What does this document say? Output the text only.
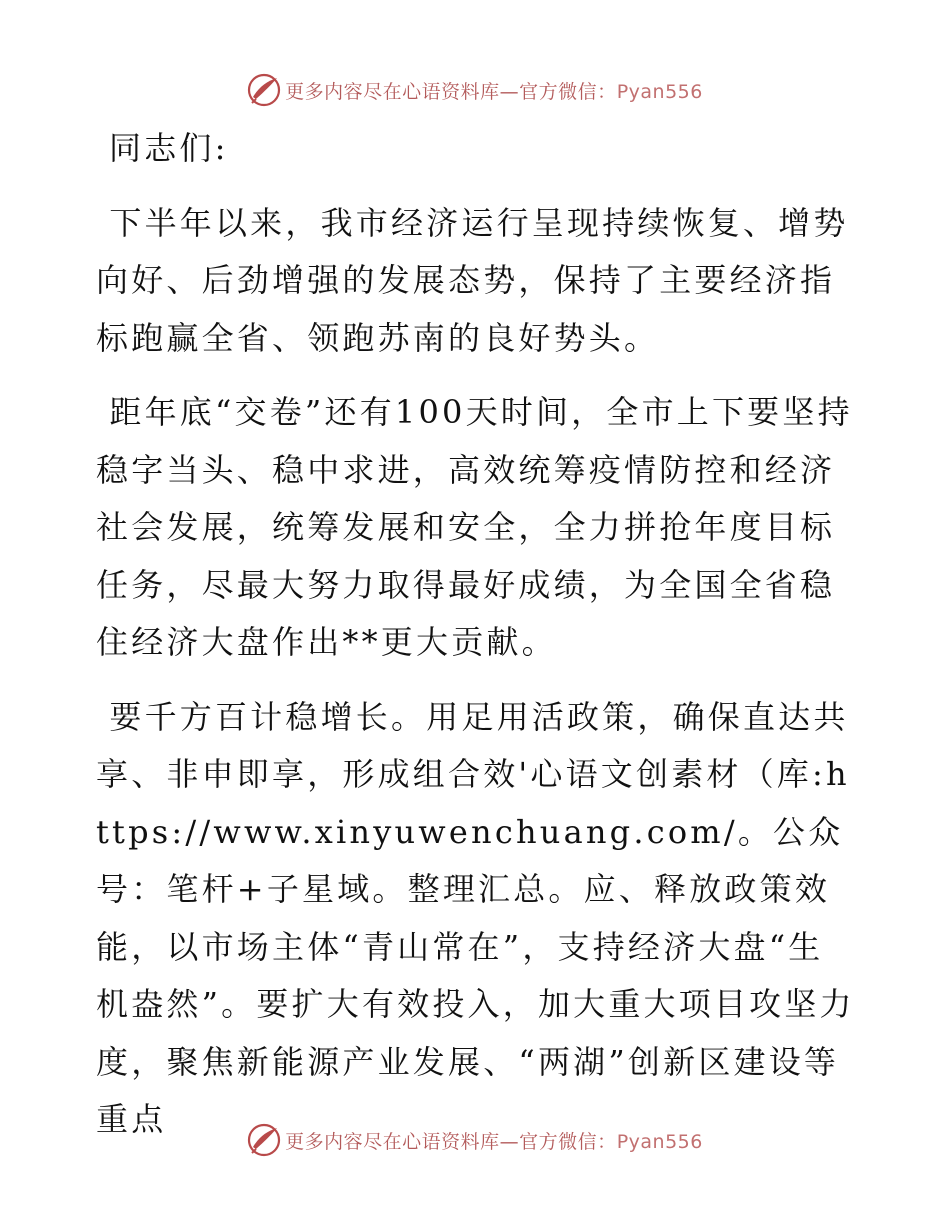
更多内容尽在心语资料库—官方微信：Pyan556

同志们:

下半年以来，我市经济运行呈现持续恢复、增势向好、后劲增强的发展态势，保持了主要经济指标跑赢全省、领跑苏南的良好势头。

距年底“交卷”还有100天时间，全市上下要坚持稳字当头、稳中求进，高效统筹疫情防控和经济社会发展，统筹发展和安全，全力拼抢年度目标任务，尽最大努力取得最好成绩，为全国全省稳住经济大盘作出**更大贡献。

要千方百计稳增长。用足用活政策，确保直达共享、非申即享，形成组合效'心语文创素材（库:https://www.xinyuwenchuang.com/。公众号：笔杆+子星域。整理汇总。应、释放政策效能，以市场主体“青山常在”，支持经济大盘“生机盎然”。要扩大有效投入，加大重大项目攻坚力度，聚焦新能源产业发展、“两湖”创新区建设等重点

更多内容尽在心语资料库—官方微信：Pyan556
